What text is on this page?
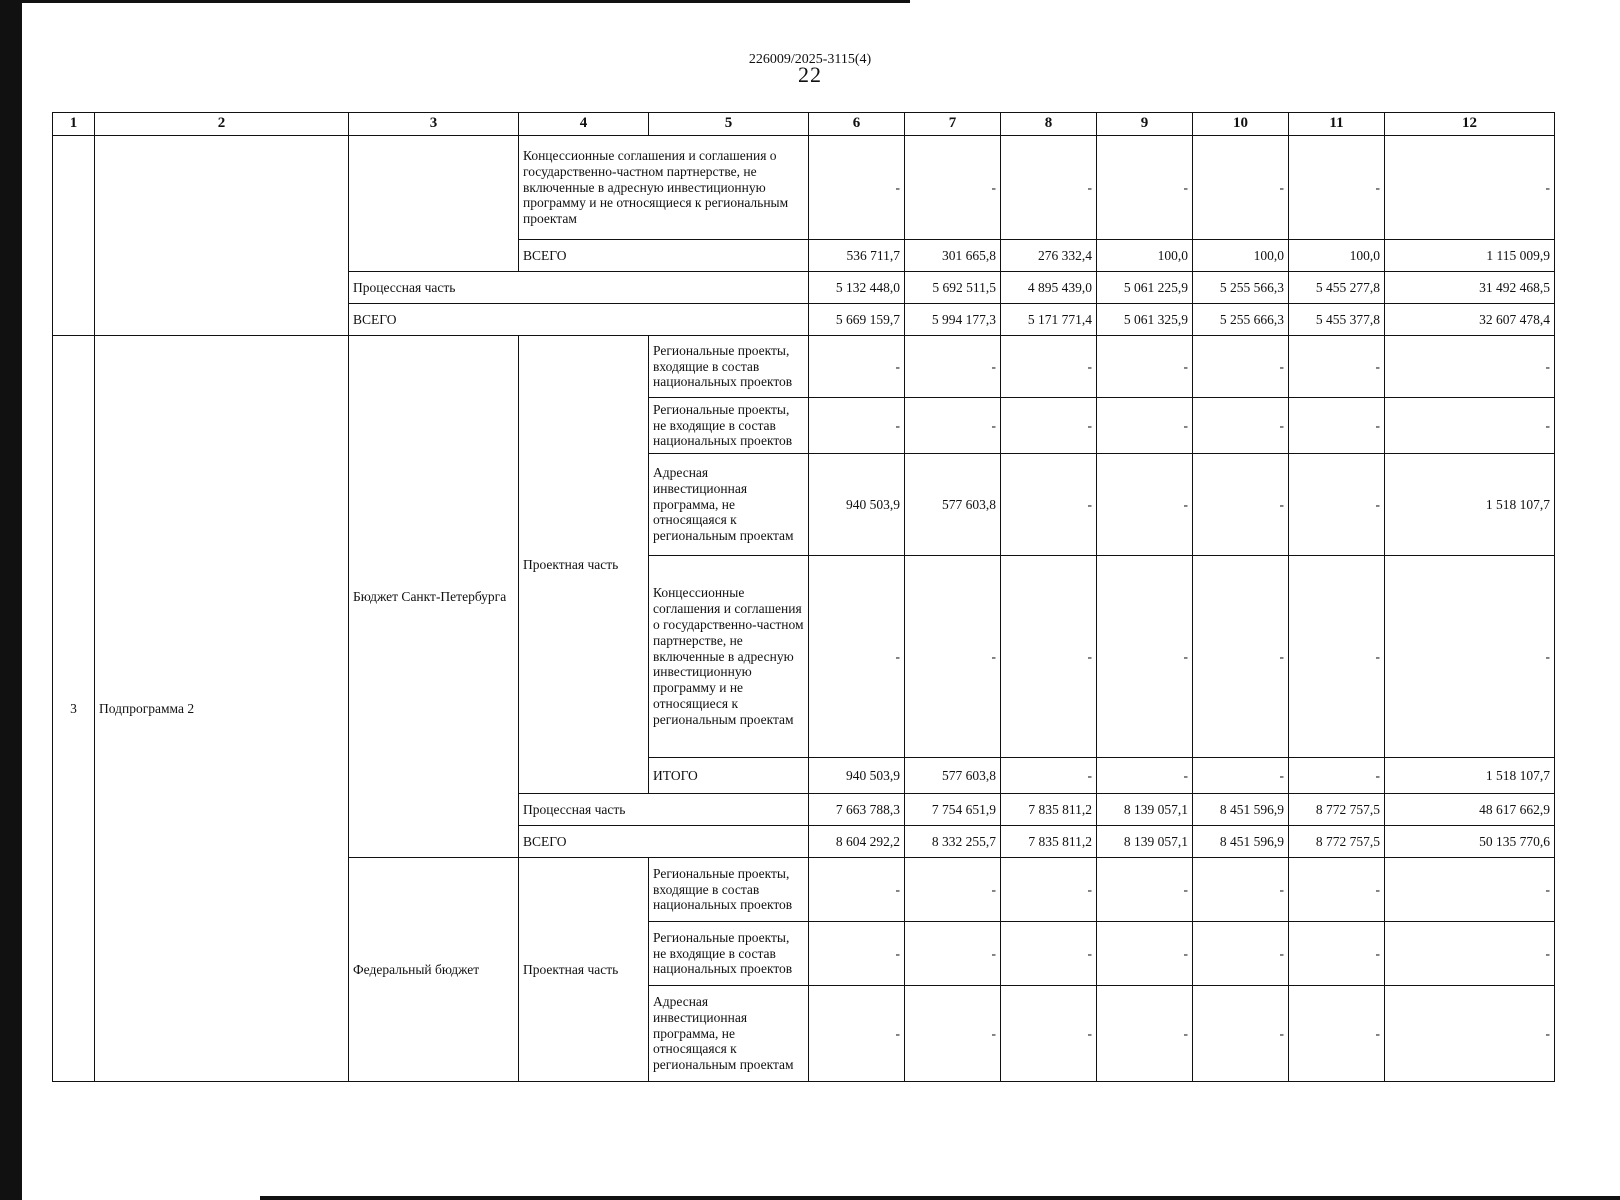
226009/2025-3115(4)
22
1	2	3	4	5	6	7	8	9	10	11	12
			Концессионные соглашения и соглашения о государственно-частном партнерстве, не включенные в адресную инвестиционную программу и не относящиеся к региональным проектам		-	-	-	-	-	-	-
			ВСЕГО		536 711,7	301 665,8	276 332,4	100,0	100,0	100,0	1 115 009,9
		Процессная часть			5 132 448,0	5 692 511,5	4 895 439,0	5 061 225,9	5 255 566,3	5 455 277,8	31 492 468,5
		ВСЕГО			5 669 159,7	5 994 177,3	5 171 771,4	5 061 325,9	5 255 666,3	5 455 377,8	32 607 478,4
3	Подпрограмма 2	Бюджет Санкт-Петербурга	Проектная часть	Региональные проекты, входящие в состав национальных проектов	-	-	-	-	-	-	-
				Региональные проекты, не входящие в состав национальных проектов	-	-	-	-	-	-	-
				Адресная инвестиционная программа, не относящаяся к региональным проектам	940 503,9	577 603,8	-	-	-	-	1 518 107,7
				Концессионные соглашения и соглашения о государственно-частном партнерстве, не включенные в адресную инвестиционную программу и не относящиеся к региональным проектам	-	-	-	-	-	-	-
				ИТОГО	940 503,9	577 603,8	-	-	-	-	1 518 107,7
			Процессная часть		7 663 788,3	7 754 651,9	7 835 811,2	8 139 057,1	8 451 596,9	8 772 757,5	48 617 662,9
			ВСЕГО		8 604 292,2	8 332 255,7	7 835 811,2	8 139 057,1	8 451 596,9	8 772 757,5	50 135 770,6
		Федеральный бюджет	Проектная часть	Региональные проекты, входящие в состав национальных проектов	-	-	-	-	-	-	-
				Региональные проекты, не входящие в состав национальных проектов	-	-	-	-	-	-	-
				Адресная инвестиционная программа, не относящаяся к региональным проектам	-	-	-	-	-	-	-
